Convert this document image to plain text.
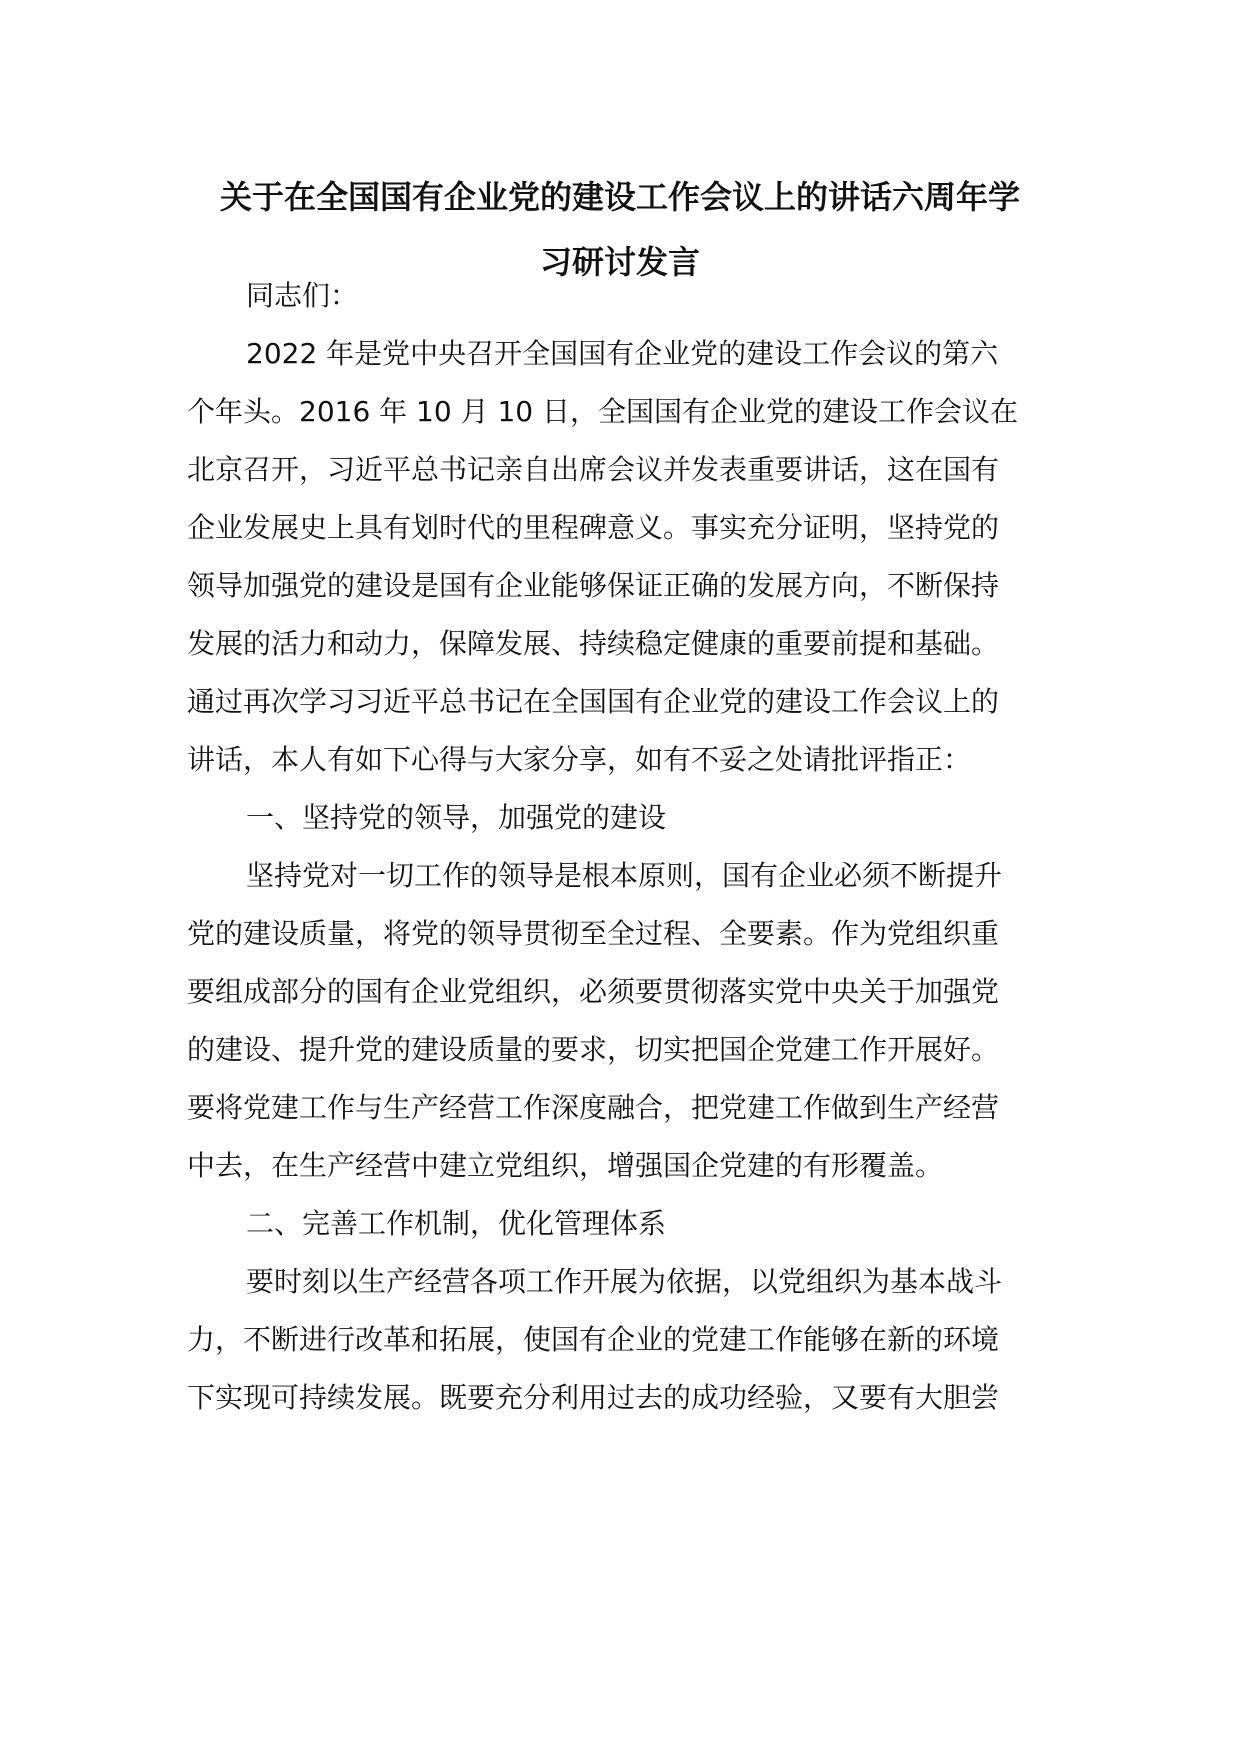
关于在全国国有企业党的建设工作会议上的讲话六周年学
习研讨发言
同志们：
2022 年是党中央召开全国国有企业党的建设工作会议的第六
个年头。2016 年 10 月 10 日，全国国有企业党的建设工作会议在
北京召开，习近平总书记亲自出席会议并发表重要讲话，这在国有
企业发展史上具有划时代的里程碑意义。事实充分证明，坚持党的
领导加强党的建设是国有企业能够保证正确的发展方向，不断保持
发展的活力和动力，保障发展、持续稳定健康的重要前提和基础。
通过再次学习习近平总书记在全国国有企业党的建设工作会议上的
讲话，本人有如下心得与大家分享，如有不妥之处请批评指正：
一、坚持党的领导，加强党的建设
坚持党对一切工作的领导是根本原则，国有企业必须不断提升
党的建设质量，将党的领导贯彻至全过程、全要素。作为党组织重
要组成部分的国有企业党组织，必须要贯彻落实党中央关于加强党
的建设、提升党的建设质量的要求，切实把国企党建工作开展好。
要将党建工作与生产经营工作深度融合，把党建工作做到生产经营
中去，在生产经营中建立党组织，增强国企党建的有形覆盖。
二、完善工作机制，优化管理体系
要时刻以生产经营各项工作开展为依据，以党组织为基本战斗
力，不断进行改革和拓展，使国有企业的党建工作能够在新的环境
下实现可持续发展。既要充分利用过去的成功经验，又要有大胆尝
